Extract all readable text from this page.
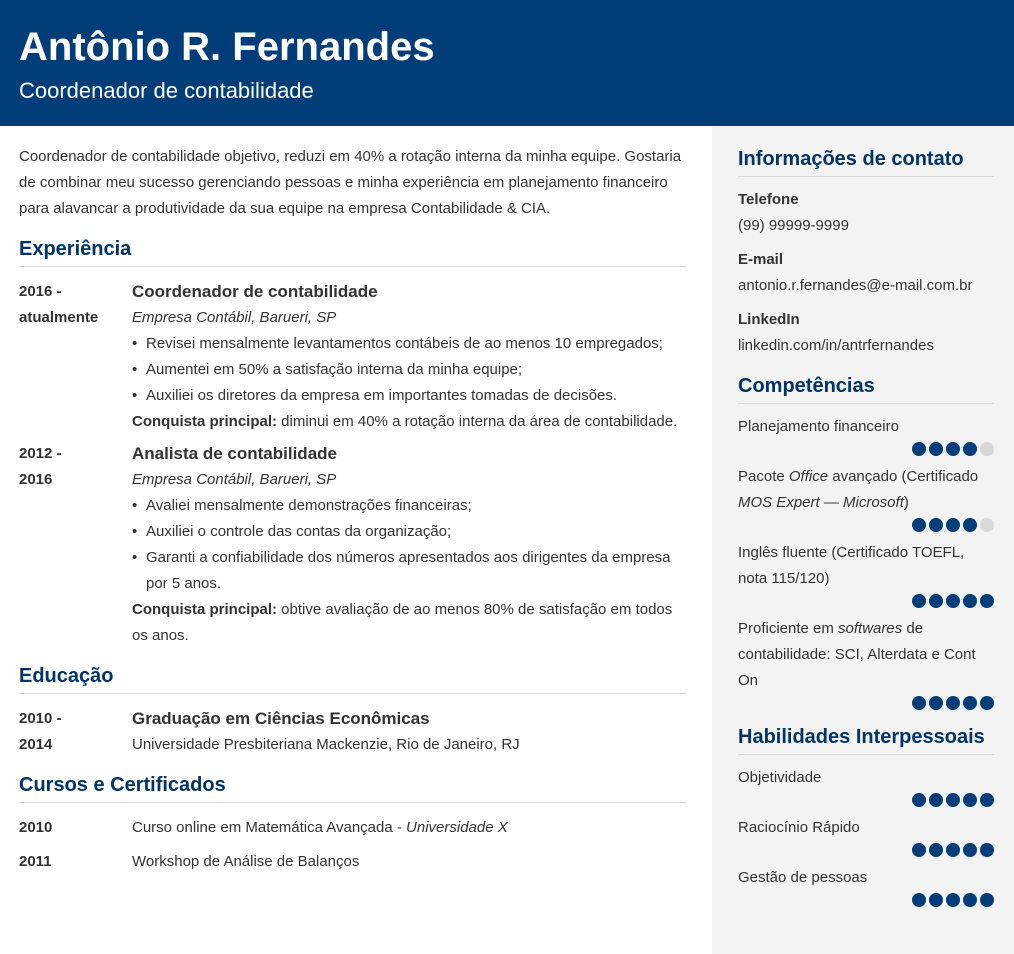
Antônio R. Fernandes
Coordenador de contabilidade

Coordenador de contabilidade objetivo, reduzi em 40% a rotação interna da minha equipe. Gostaria de combinar meu sucesso gerenciando pessoas e minha experiência em planejamento financeiro para alavancar a produtividade da sua equipe na empresa Contabilidade & CIA.

Experiência
2016 -
atualmente
Coordenador de contabilidade
Empresa Contábil, Barueri, SP
• Revisei mensalmente levantamentos contábeis de ao menos 10 empregados;
• Aumentei em 50% a satisfação interna da minha equipe;
• Auxiliei os diretores da empresa em importantes tomadas de decisões.
Conquista principal: diminui em 40% a rotação interna da área de contabilidade.
2012 -
2016
Analista de contabilidade
Empresa Contábil, Barueri, SP
• Avaliei mensalmente demonstrações financeiras;
• Auxiliei o controle das contas da organização;
• Garanti a confiabilidade dos números apresentados aos dirigentes da empresa por 5 anos.
Conquista principal: obtive avaliação de ao menos 80% de satisfação em todos os anos.
Educação
2010 -
2014
Graduação em Ciências Econômicas
Universidade Presbiteriana Mackenzie, Rio de Janeiro, RJ
Cursos e Certificados
2010	Curso online em Matemática Avançada - Universidade X
2011	Workshop de Análise de Balanços
Informações de contato
Telefone
(99) 99999-9999
E-mail
antonio.r.fernandes@e-mail.com.br
LinkedIn
linkedin.com/in/antrfernandes
Competências
Planejamento financeiro
Pacote Office avançado (Certificado MOS Expert — Microsoft)
Inglês fluente (Certificado TOEFL, nota 115/120)
Proficiente em softwares de contabilidade: SCI, Alterdata e Cont On
Habilidades Interpessoais
Objetividade
Raciocínio Rápido
Gestão de pessoas
